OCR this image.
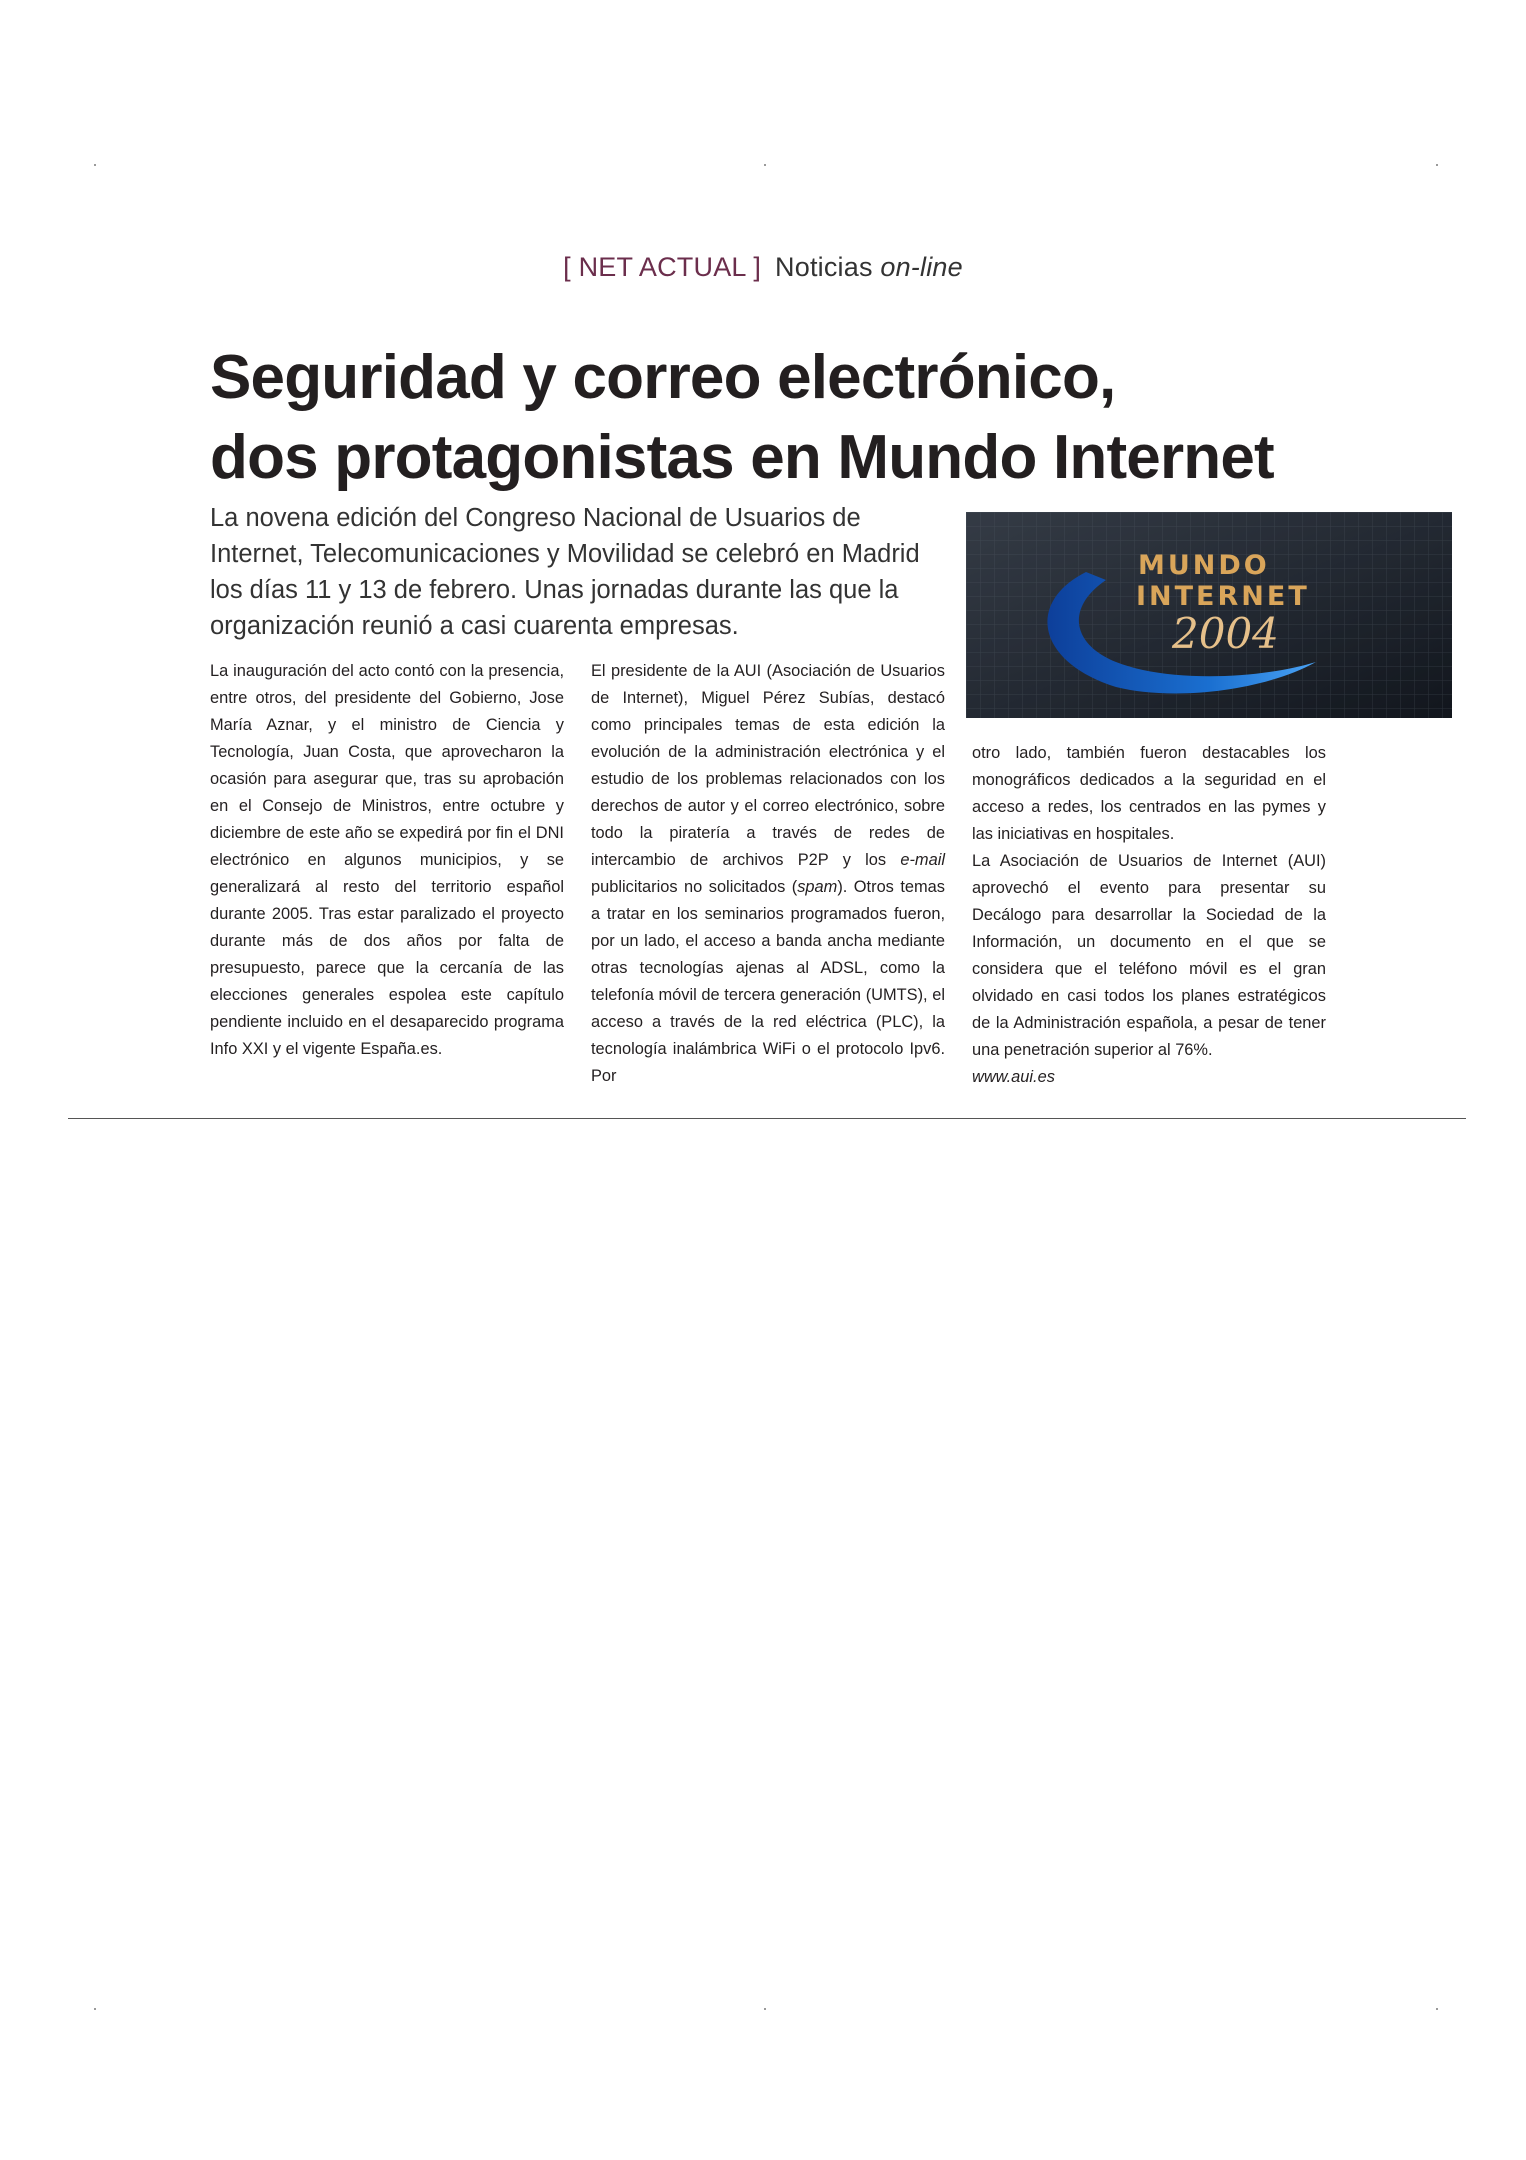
[ NET ACTUAL ] Noticias on-line
Seguridad y correo electrónico,
dos protagonistas en Mundo Internet
La novena edición del Congreso Nacional de Usuarios de
Internet, Telecomunicaciones y Movilidad se celebró en Madrid
los días 11 y 13 de febrero. Unas jornadas durante las que la
organización reunió a casi cuarenta empresas.
MUNDO
INTERNET
2004

La inauguración del acto contó con la presencia, entre otros, del presidente del Gobierno, Jose María Aznar, y el ministro de Ciencia y Tecnología, Juan Costa, que aprovecharon la ocasión para asegurar que, tras su aprobación en el Consejo de Ministros, entre octubre y diciembre de este año se expedirá por fin el DNI electrónico en algunos municipios, y se generalizará al resto del territorio español durante 2005. Tras estar paralizado el proyecto durante más de dos años por falta de presupuesto, parece que la cercanía de las elecciones generales espolea este capítulo pendiente incluido en el desaparecido programa Info XXI y el vigente España.es.

El presidente de la AUI (Asociación de Usuarios de Internet), Miguel Pérez Subías, destacó como principales temas de esta edición la evolución de la administración electrónica y el estudio de los problemas relacionados con los derechos de autor y el correo electrónico, sobre todo la piratería a través de redes de intercambio de archivos P2P y los e-mail publicitarios no solicitados (spam). Otros temas a tratar en los seminarios programados fueron, por un lado, el acceso a banda ancha mediante otras tecnologías ajenas al ADSL, como la telefonía móvil de tercera generación (UMTS), el acceso a través de la red eléctrica (PLC), la tecnología inalámbrica WiFi o el protocolo Ipv6. Por

otro lado, también fueron destacables los monográficos dedicados a la seguridad en el acceso a redes, los centrados en las pymes y las iniciativas en hospitales.

La Asociación de Usuarios de Internet (AUI) aprovechó el evento para presentar su Decálogo para desarrollar la Sociedad de la Información, un documento en el que se considera que el teléfono móvil es el gran olvidado en casi todos los planes estratégicos de la Administración española, a pesar de tener una penetración superior al 76%.

www.aui.es
